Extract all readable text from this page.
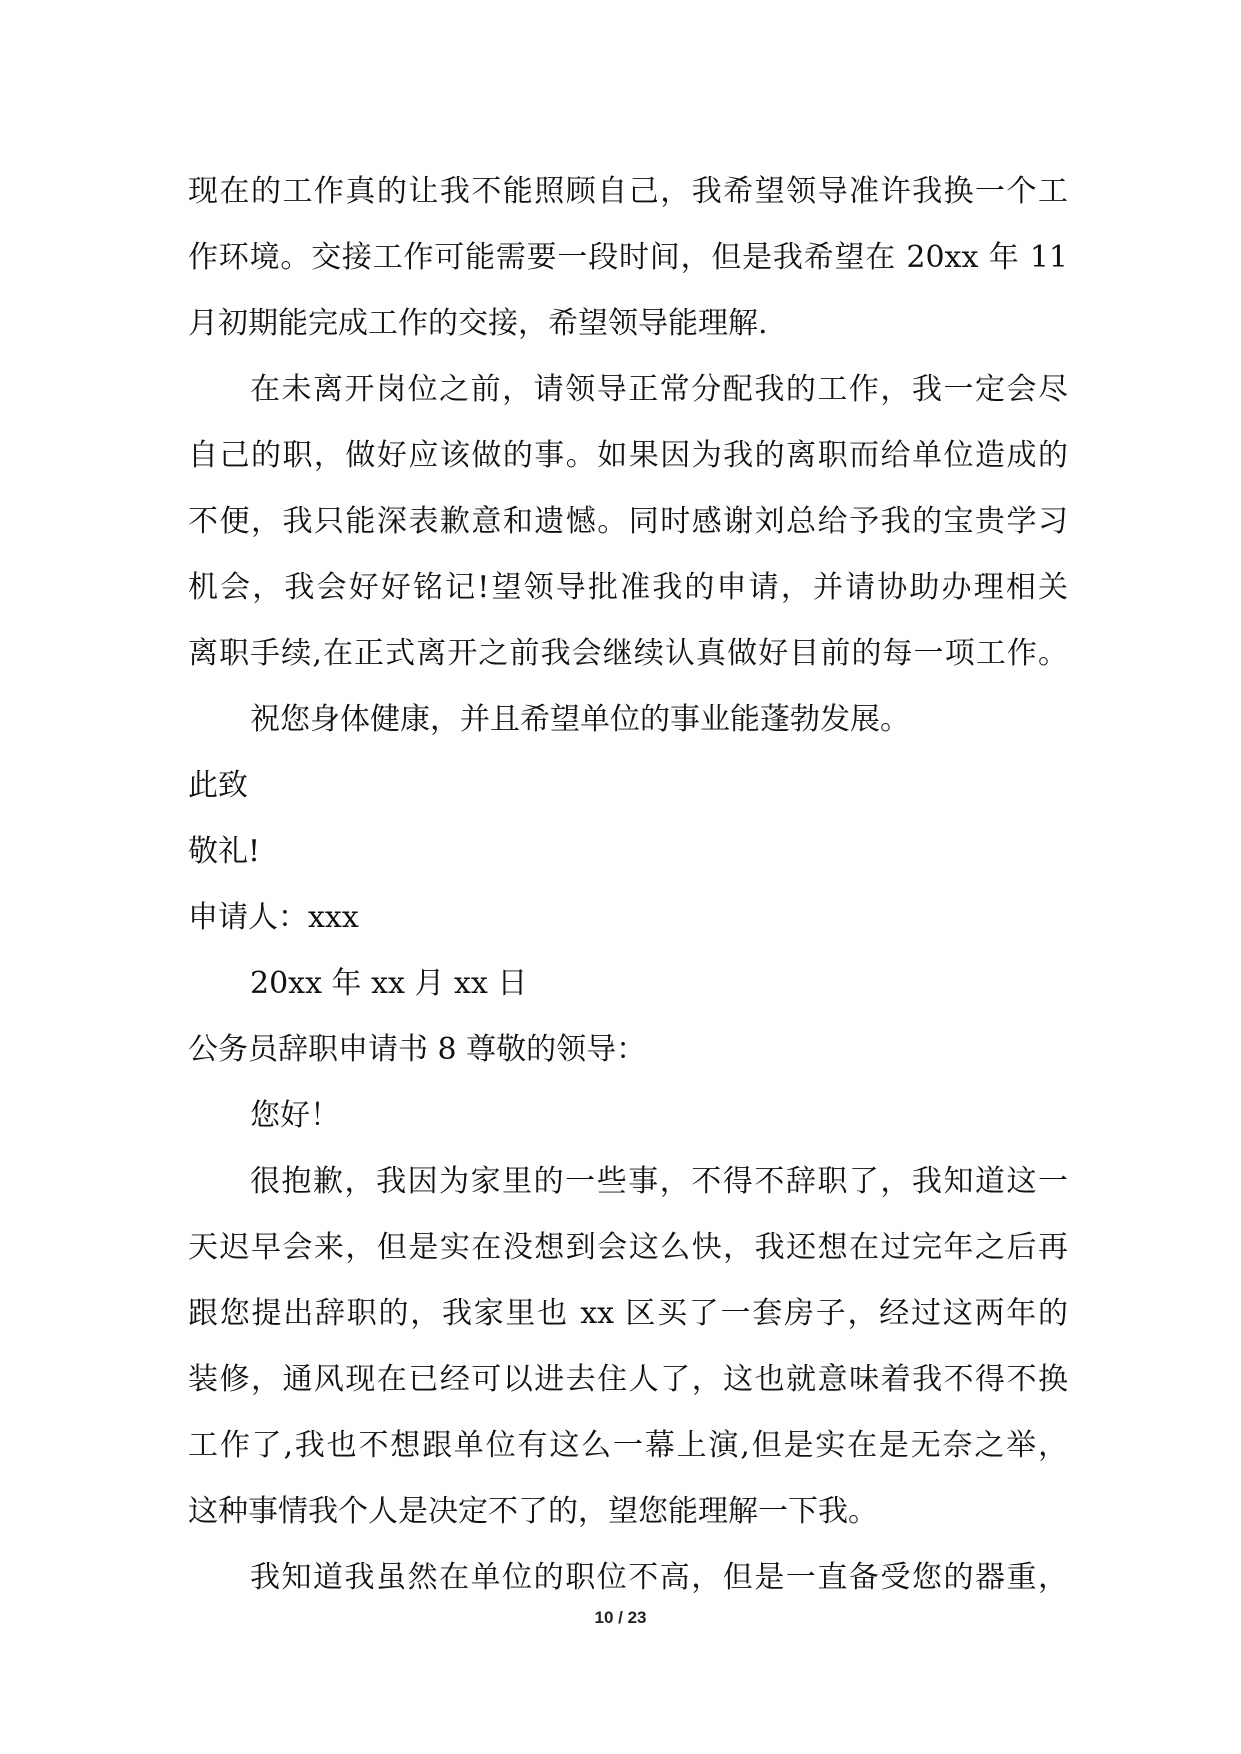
现在的工作真的让我不能照顾自己，我希望领导准许我换一个工
作环境。交接工作可能需要一段时间，但是我希望在 20xx 年 11
月初期能完成工作的交接，希望领导能理解.
在未离开岗位之前，请领导正常分配我的工作，我一定会尽
自己的职，做好应该做的事。如果因为我的离职而给单位造成的
不便，我只能深表歉意和遗憾。同时感谢刘总给予我的宝贵学习
机会，我会好好铭记!望领导批准我的申请，并请协助办理相关
离职手续,在正式离开之前我会继续认真做好目前的每一项工作。
祝您身体健康，并且希望单位的事业能蓬勃发展。
此致
敬礼!
申请人：xxx
20xx 年 xx 月 xx 日
公务员辞职申请书 8 尊敬的领导：
您好！
很抱歉，我因为家里的一些事，不得不辞职了，我知道这一
天迟早会来，但是实在没想到会这么快，我还想在过完年之后再
跟您提出辞职的，我家里也 xx 区买了一套房子，经过这两年的
装修，通风现在已经可以进去住人了，这也就意味着我不得不换
工作了,我也不想跟单位有这么一幕上演,但是实在是无奈之举，
这种事情我个人是决定不了的，望您能理解一下我。
我知道我虽然在单位的职位不高，但是一直备受您的器重，
10 / 23
